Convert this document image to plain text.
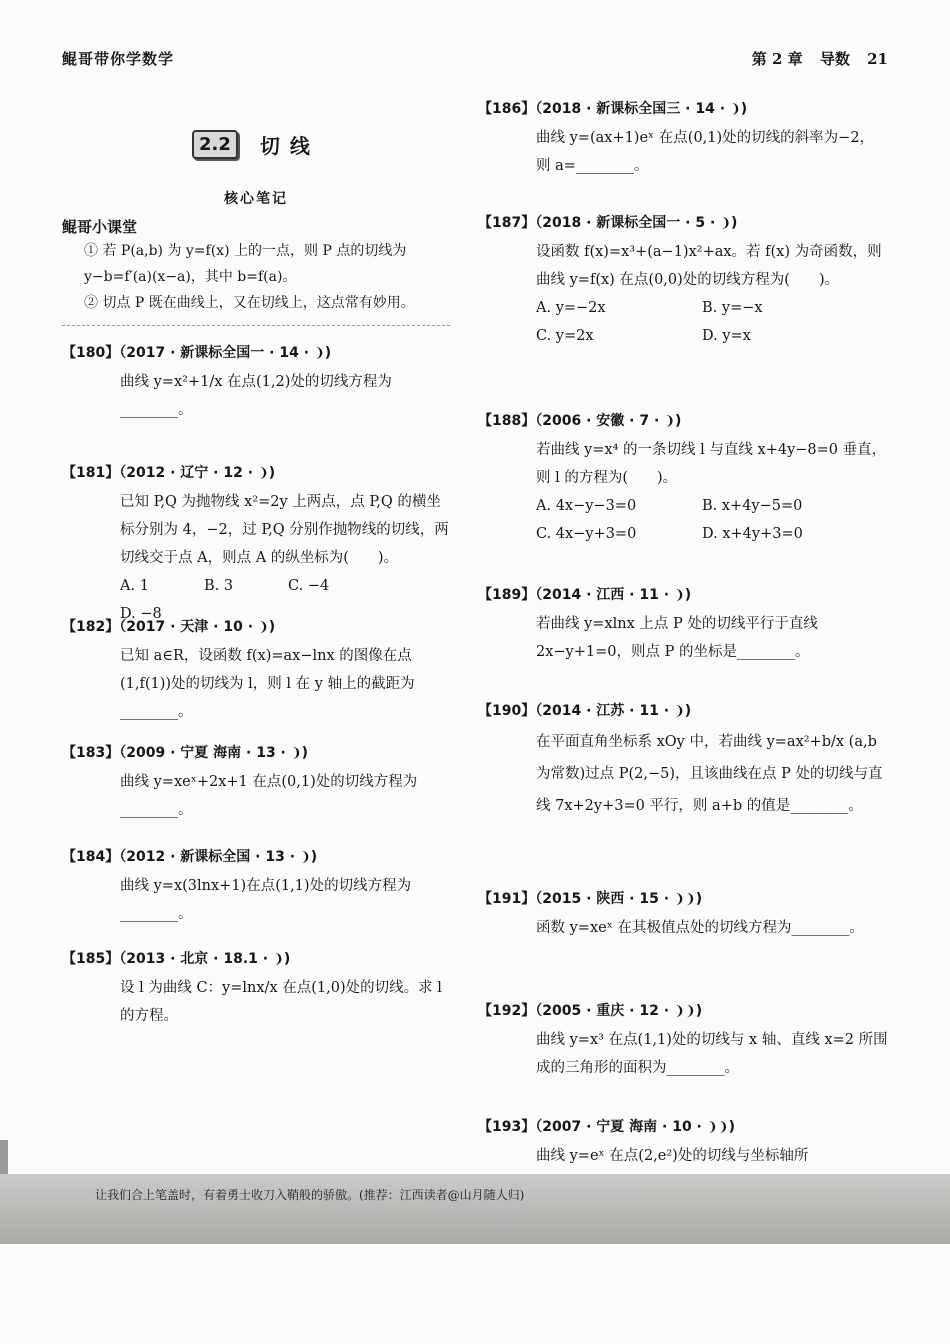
鲲哥带你学数学	第 2 章 导数 21
2.2	切线
核心笔记
鲲哥小课堂
① 若 P(a,b) 为 y=f(x) 上的一点，则 P 点的切线为 y−b=f′(a)(x−a)，其中 b=f(a)。
② 切点 P 既在曲线上，又在切线上，这点常有妙用。
【180】（2017 · 新课标全国一 · 14 · ❩)
曲线 y=x²+1/x 在点(1,2)处的切线方程为________。
【181】（2012 · 辽宁 · 12 · ❩)
已知 P,Q 为抛物线 x²=2y 上两点，点 P,Q 的横坐标分别为 4，−2，过 P,Q 分别作抛物线的切线，两切线交于点 A，则点 A 的纵坐标为(　　)。
A. 1	B. 3	C. −4
D. −8
【182】（2017 · 天津 · 10 · ❩)
已知 a∈R，设函数 f(x)=ax−lnx 的图像在点(1,f(1))处的切线为 l，则 l 在 y 轴上的截距为________。
【183】（2009 · 宁夏 海南 · 13 · ❩)
曲线 y=xeˣ+2x+1 在点(0,1)处的切线方程为________。
【184】（2012 · 新课标全国 · 13 · ❩)
曲线 y=x(3lnx+1)在点(1,1)处的切线方程为________。
【185】（2013 · 北京 · 18.1 · ❩)
设 l 为曲线 C：y=lnx/x 在点(1,0)处的切线。求 l 的方程。
【186】（2018 · 新课标全国三 · 14 · ❩)
曲线 y=(ax+1)eˣ 在点(0,1)处的切线的斜率为−2，则 a=________。
【187】（2018 · 新课标全国一 · 5 · ❩)
设函数 f(x)=x³+(a−1)x²+ax。若 f(x) 为奇函数，则曲线 y=f(x) 在点(0,0)处的切线方程为(　　)。
A. y=−2x	B. y=−x
C. y=2x	D. y=x
【188】（2006 · 安徽 · 7 · ❩)
若曲线 y=x⁴ 的一条切线 l 与直线 x+4y−8=0 垂直，则 l 的方程为(　　)。
A. 4x−y−3=0	B. x+4y−5=0
C. 4x−y+3=0	D. x+4y+3=0
【189】（2014 · 江西 · 11 · ❩)
若曲线 y=xlnx 上点 P 处的切线平行于直线 2x−y+1=0，则点 P 的坐标是________。
【190】（2014 · 江苏 · 11 · ❩)
在平面直角坐标系 xOy 中，若曲线 y=ax²+b/x (a,b 为常数)过点 P(2,−5)，且该曲线在点 P 处的切线与直线 7x+2y+3=0 平行，则 a+b 的值是________。
【191】（2015 · 陕西 · 15 · ❩❩)
函数 y=xeˣ 在其极值点处的切线方程为________。
【192】（2005 · 重庆 · 12 · ❩❩)
曲线 y=x³ 在点(1,1)处的切线与 x 轴、直线 x=2 所围成的三角形的面积为________。
【193】（2007 · 宁夏 海南 · 10 · ❩❩)
曲线 y=eˣ 在点(2,e²)处的切线与坐标轴所
让我们合上笔盖时，有着勇士收刀入鞘般的骄傲。(推荐：江西读者@山月随人归)
